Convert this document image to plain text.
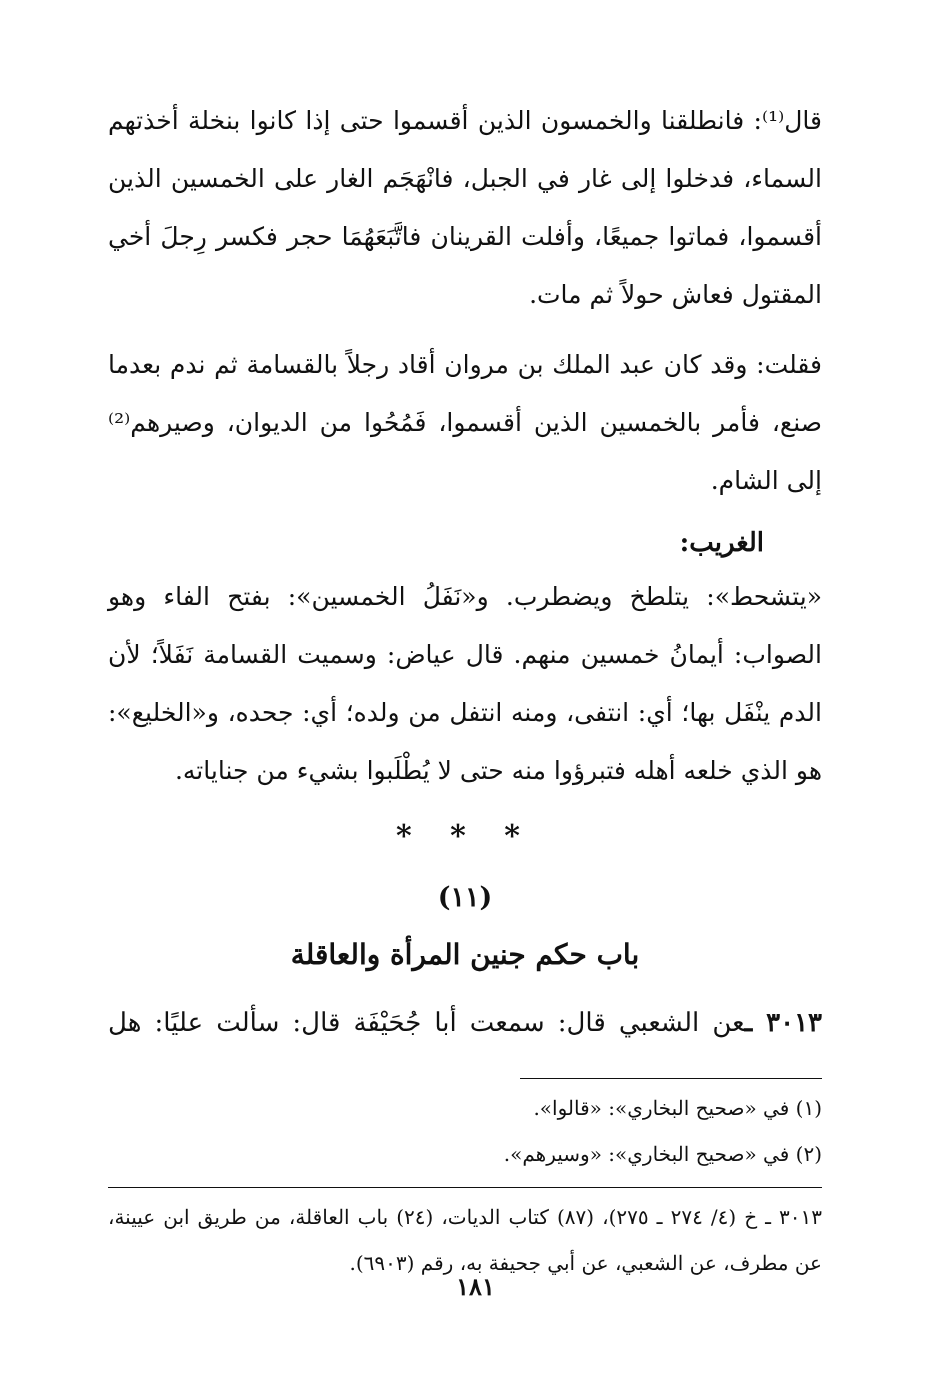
قال⁽¹⁾: فانطلقنا والخمسون الذين أقسموا حتى إذا كانوا بنخلة أخذتهم السماء، فدخلوا إلى غار في الجبل، فانْهَجَم الغار على الخمسين الذين أقسموا، فماتوا جميعًا، وأفلت القرينان فاتَّبَعَهُمَا حجر فكسر رِجلَ أخي المقتول فعاش حولاً ثم مات.

فقلت: وقد كان عبد الملك بن مروان أقاد رجلاً بالقسامة ثم ندم بعدما صنع، فأمر بالخمسين الذين أقسموا، فَمُحُوا من الديوان، وصيرهم⁽²⁾ إلى الشام.

الغريب:

«يتشحط»: يتلطخ ويضطرب. و«نَفَلُ الخمسين»: بفتح الفاء وهو الصواب: أيمانُ خمسين منهم. قال عياض: وسميت القسامة نَفَلاً؛ لأن الدم ينْفَل بها؛ أي: انتفى، ومنه انتفل من ولده؛ أي: جحده، و«الخليع»: هو الذي خلعه أهله فتبرؤوا منه حتى لا يُطْلَبوا بشيء من جناياته.

* * *
(١١)
باب حكم جنين المرأة والعاقلة

٣٠١٣ ـعن الشعبي قال: سمعت أبا جُحَيْفَة قال: سألت عليًا: هل

(١) في «صحيح البخاري»: «قالوا».

(٢) في «صحيح البخاري»: «وسيرهم».

٣٠١٣ ـ خ (٤/ ٢٧٤ ـ ٢٧٥)، (٨٧) كتاب الديات، (٢٤) باب العاقلة، من طريق ابن عيينة، عن مطرف، عن الشعبي، عن أبي جحيفة به، رقم (٦٩٠٣).

١٨١
